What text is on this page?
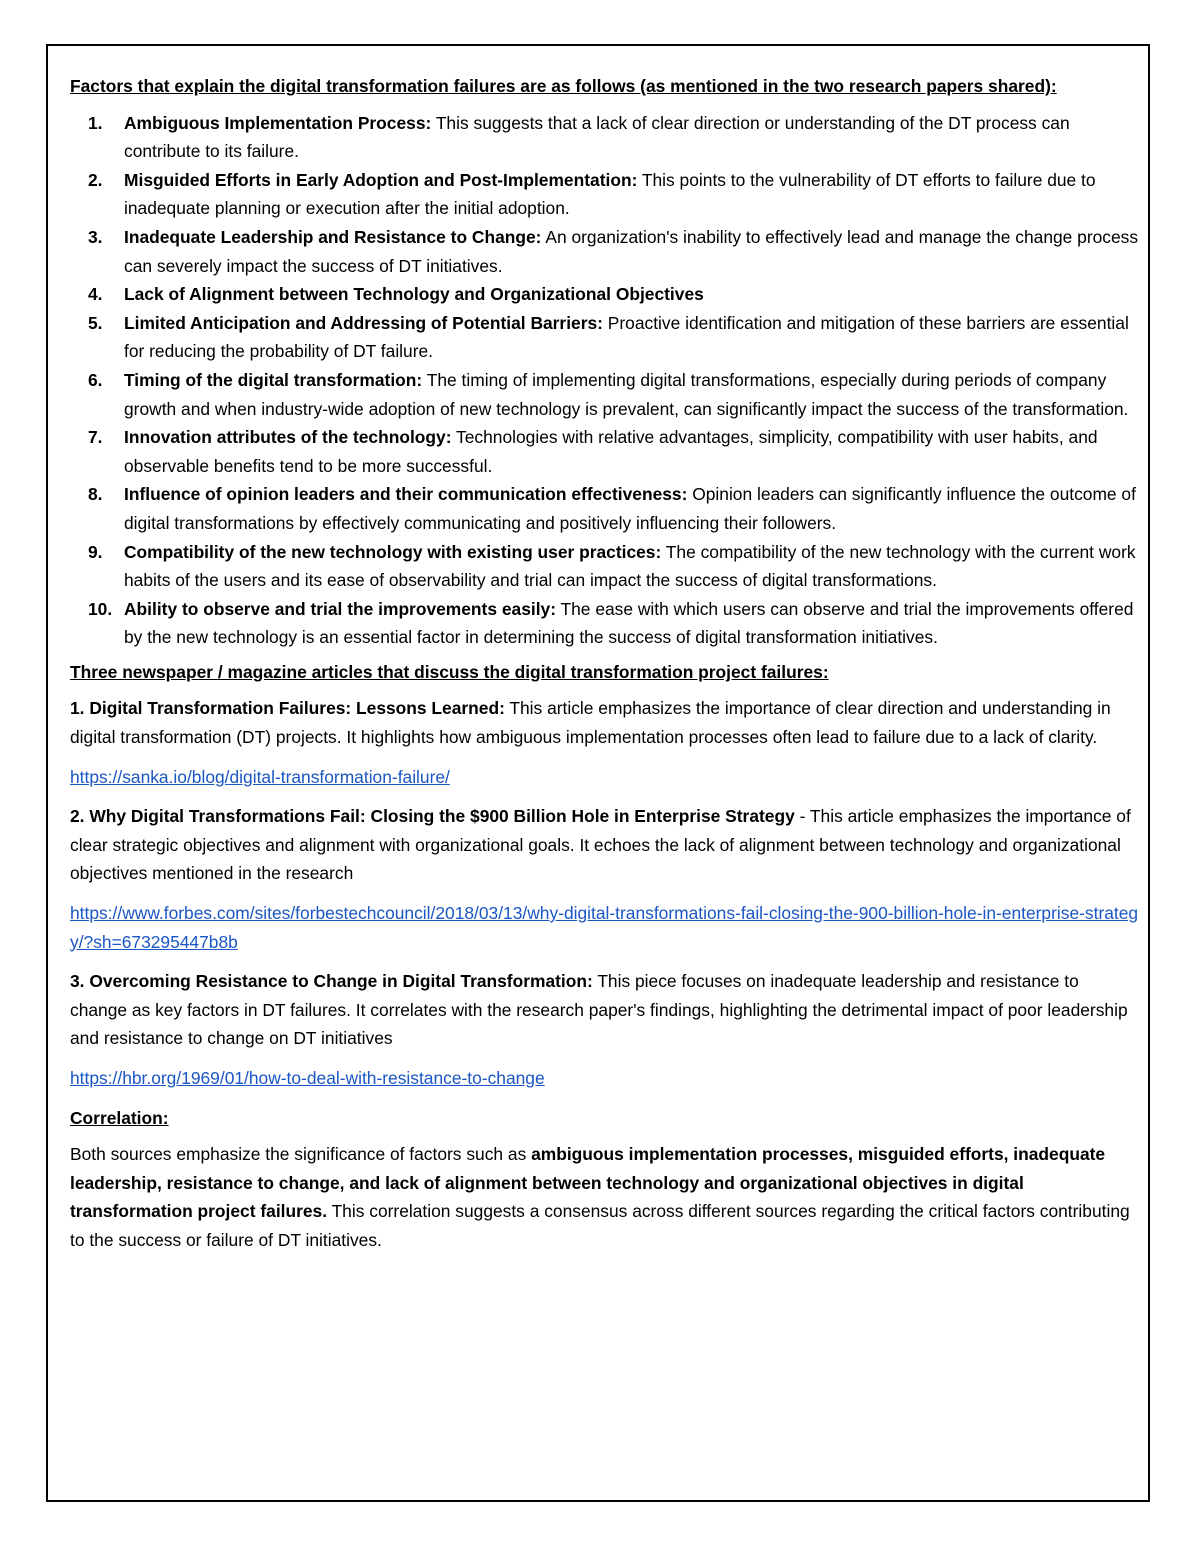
Factors that explain the digital transformation failures are as follows (as mentioned in the two research papers shared):
1. Ambiguous Implementation Process: This suggests that a lack of clear direction or understanding of the DT process can contribute to its failure.
2. Misguided Efforts in Early Adoption and Post-Implementation: This points to the vulnerability of DT efforts to failure due to inadequate planning or execution after the initial adoption.
3. Inadequate Leadership and Resistance to Change: An organization's inability to effectively lead and manage the change process can severely impact the success of DT initiatives.
4. Lack of Alignment between Technology and Organizational Objectives
5. Limited Anticipation and Addressing of Potential Barriers: Proactive identification and mitigation of these barriers are essential for reducing the probability of DT failure.
6. Timing of the digital transformation: The timing of implementing digital transformations, especially during periods of company growth and when industry-wide adoption of new technology is prevalent, can significantly impact the success of the transformation.
7. Innovation attributes of the technology: Technologies with relative advantages, simplicity, compatibility with user habits, and observable benefits tend to be more successful.
8. Influence of opinion leaders and their communication effectiveness: Opinion leaders can significantly influence the outcome of digital transformations by effectively communicating and positively influencing their followers.
9. Compatibility of the new technology with existing user practices: The compatibility of the new technology with the current work habits of the users and its ease of observability and trial can impact the success of digital transformations.
10. Ability to observe and trial the improvements easily: The ease with which users can observe and trial the improvements offered by the new technology is an essential factor in determining the success of digital transformation initiatives.
Three newspaper / magazine articles that discuss the digital transformation project failures:
1. Digital Transformation Failures: Lessons Learned: This article emphasizes the importance of clear direction and understanding in digital transformation (DT) projects. It highlights how ambiguous implementation processes often lead to failure due to a lack of clarity.
https://sanka.io/blog/digital-transformation-failure/
2. Why Digital Transformations Fail: Closing the $900 Billion Hole in Enterprise Strategy - This article emphasizes the importance of clear strategic objectives and alignment with organizational goals. It echoes the lack of alignment between technology and organizational objectives mentioned in the research
https://www.forbes.com/sites/forbestechcouncil/2018/03/13/why-digital-transformations-fail-closing-the-900-billion-hole-in-enterprise-strategy/?sh=673295447b8b
3. Overcoming Resistance to Change in Digital Transformation: This piece focuses on inadequate leadership and resistance to change as key factors in DT failures. It correlates with the research paper's findings, highlighting the detrimental impact of poor leadership and resistance to change on DT initiatives
https://hbr.org/1969/01/how-to-deal-with-resistance-to-change
Correlation:
Both sources emphasize the significance of factors such as ambiguous implementation processes, misguided efforts, inadequate leadership, resistance to change, and lack of alignment between technology and organizational objectives in digital transformation project failures. This correlation suggests a consensus across different sources regarding the critical factors contributing to the success or failure of DT initiatives.
